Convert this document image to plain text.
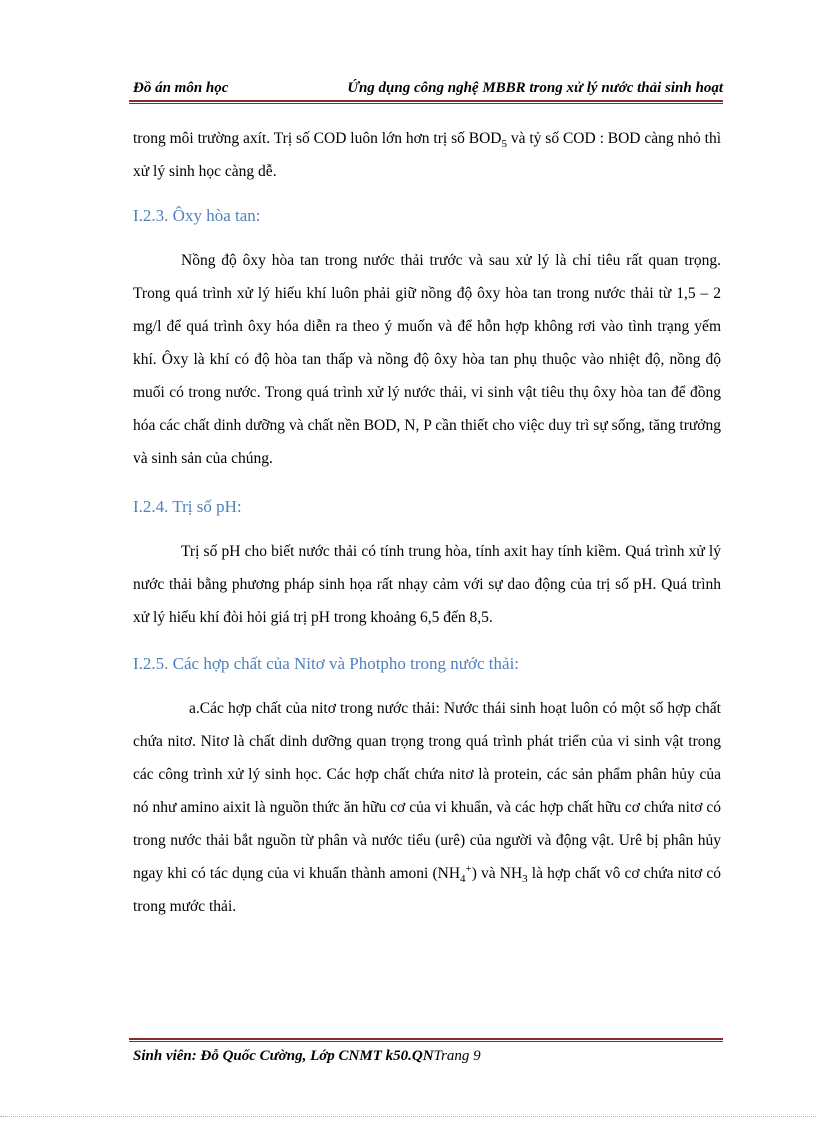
Đồ án môn học	Ứng dụng công nghệ MBBR trong xử lý nước thải sinh hoạt

trong môi trường axít. Trị số COD luôn lớn hơn trị số $BOD_5$ và tỷ số COD : BOD càng nhỏ thì xử lý sinh học càng dễ.

I.2.3. Ôxy hòa tan:

Nồng độ ôxy hòa tan trong nước thải trước và sau xử lý là chỉ tiêu rất quan trọng. Trong quá trình xử lý hiếu khí luôn phải giữ nồng độ ôxy hòa tan trong nước thải từ 1,5 – 2 mg/l để quá trình ôxy hóa diễn ra theo ý muốn và để hỗn hợp không rơi vào tình trạng yếm khí. Ôxy là khí có độ hòa tan thấp và nồng độ ôxy hòa tan phụ thuộc vào nhiệt độ, nồng độ muối có trong nước. Trong quá trình xử lý nước thải, vi sinh vật tiêu thụ ôxy hòa tan để đồng hóa các chất dinh dưỡng và chất nền BOD, N, P cần thiết cho việc duy trì sự sống, tăng trưởng và sinh sản của chúng.

I.2.4. Trị số pH:

Trị số pH cho biết nước thải có tính trung hòa, tính axit hay tính kiềm. Quá trình xử lý nước thải bằng phương pháp sinh họa rất nhạy cảm với sự dao động của trị số pH. Quá trình xử lý hiếu khí đòi hỏi giá trị pH trong khoảng 6,5 đến 8,5.

I.2.5. Các hợp chất của Nitơ và Photpho trong nước thải:

a.Các hợp chất của nitơ trong nước thải: Nước thái sinh hoạt luôn có một số hợp chất chứa nitơ. Nitơ là chất dinh dưỡng quan trọng trong quá trình phát triển của vi sinh vật trong các công trình xử lý sinh học. Các hợp chất chứa nitơ là protein, các sản phẩm phân hủy của nó như amino aixit là nguồn thức ăn hữu cơ của vi khuẩn, và các hợp chất hữu cơ chứa nitơ có trong nước thải bắt nguồn từ phân và nước tiểu (urê) của người và động vật. Urê bị phân hủy ngay khi có tác dụng của vi khuẩn thành amoni $(NH_4^+)$ và $NH_3$ là hợp chất vô cơ chứa nitơ có trong mước thải.

Sinh viên: Đỗ Quốc Cường, Lớp CNMT k50.QNTrang 9
